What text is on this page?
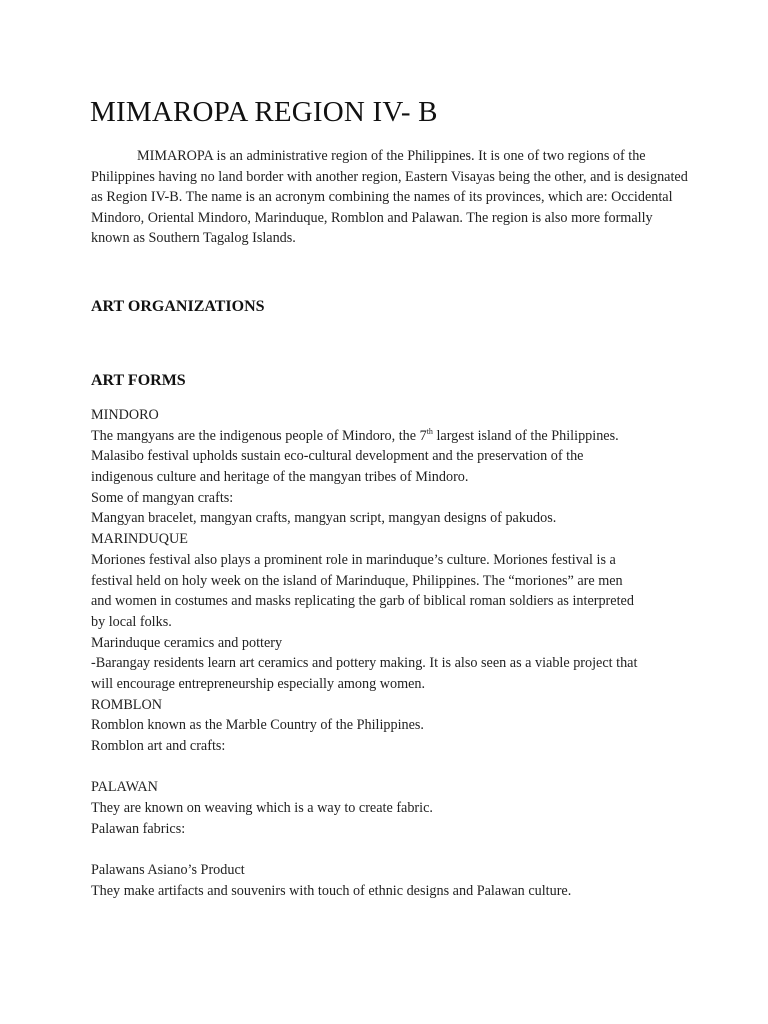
MIMAROPA REGION IV- B

MIMAROPA is an administrative region of the Philippines. It is one of two regions of the Philippines having no land border with another region, Eastern Visayas being the other, and is designated as Region IV-B. The name is an acronym combining the names of its provinces, which are: Occidental Mindoro, Oriental Mindoro, Marinduque, Romblon and Palawan. The region is also more formally known as Southern Tagalog Islands.

ART ORGANIZATIONS
ART FORMS
MINDORO
The mangyans are the indigenous people of Mindoro, the 7th largest island of the Philippines.
Malasibo festival upholds sustain eco-cultural development and the preservation of the
indigenous culture and heritage of the mangyan tribes of Mindoro.
Some of mangyan crafts:
Mangyan bracelet, mangyan crafts, mangyan script, mangyan designs of pakudos.
MARINDUQUE
Moriones festival also plays a prominent role in marinduque’s culture. Moriones festival is a
festival held on holy week on the island of Marinduque, Philippines. The “moriones” are men
and women in costumes and masks replicating the garb of biblical roman soldiers as interpreted
by local folks.
Marinduque ceramics and pottery
-Barangay residents learn art ceramics and pottery making. It is also seen as a viable project that
will encourage entrepreneurship especially among women.
ROMBLON
Romblon known as the Marble Country of the Philippines.
Romblon art and crafts:
PALAWAN
They are known on weaving which is a way to create fabric.
Palawan fabrics:
Palawans Asiano’s Product
They make artifacts and souvenirs with touch of ethnic designs and Palawan culture.
